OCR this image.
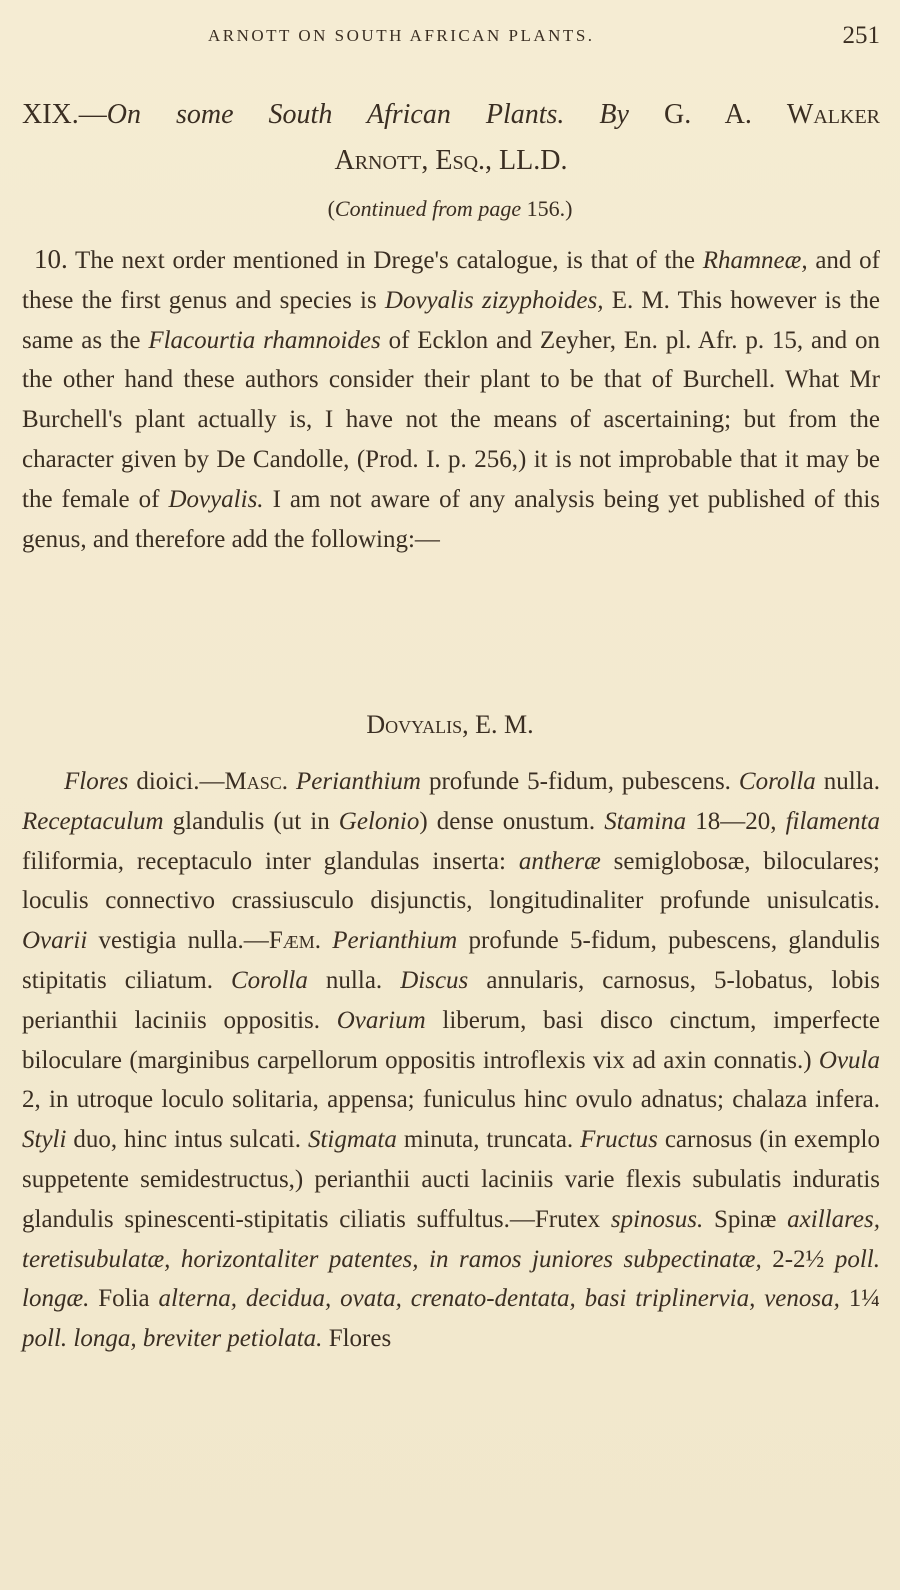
ARNOTT ON SOUTH AFRICAN PLANTS.	251
XIX.—On some South African Plants. By G. A. Walker
Arnott, Esq., LL.D.
(Continued from page 156.)
10. The next order mentioned in Drege's catalogue, is that of the Rhamneæ, and of these the first genus and species is Dovyalis zizyphoides, E. M. This however is the same as the Flacourtia rhamnoides of Ecklon and Zeyher, En. pl. Afr. p. 15, and on the other hand these authors consider their plant to be that of Burchell. What Mr Burchell's plant actually is, I have not the means of ascertaining; but from the character given by De Candolle, (Prod. I. p. 256,) it is not improbable that it may be the female of Dovyalis. I am not aware of any analysis being yet published of this genus, and therefore add the following:—
Dovyalis, E. M.
Flores dioici.—Masc. Perianthium profunde 5-fidum, pubescens. Corolla nulla. Receptaculum glandulis (ut in Gelonio) dense onustum. Stamina 18—20, filamenta filiformia, receptaculo inter glandulas inserta: antheræ semiglobosæ, biloculares; loculis connectivo crassiusculo disjunctis, longitudinaliter profunde unisulcatis. Ovarii vestigia nulla.—Fæm. Perianthium profunde 5-fidum, pubescens, glandulis stipitatis ciliatum. Corolla nulla. Discus annularis, carnosus, 5-lobatus, lobis perianthii laciniis oppositis. Ovarium liberum, basi disco cinctum, imperfecte biloculare (marginibus carpellorum oppositis introflexis vix ad axin connatis.) Ovula 2, in utroque loculo solitaria, appensa; funiculus hinc ovulo adnatus; chalaza infera. Styli duo, hinc intus sulcati. Stigmata minuta, truncata. Fructus carnosus (in exemplo suppetente semidestructus,) perianthii aucti laciniis varie flexis subulatis induratis glandulis spinescenti-stipitatis ciliatis suffultus.—Frutex spinosus. Spinæ axillares, teretisubulatæ, horizontaliter patentes, in ramos juniores subpectinatæ, 2-2½ poll. longæ. Folia alterna, decidua, ovata, crenato-dentata, basi triplinervia, venosa, 1¼ poll. longa, breviter petiolata. Flores
